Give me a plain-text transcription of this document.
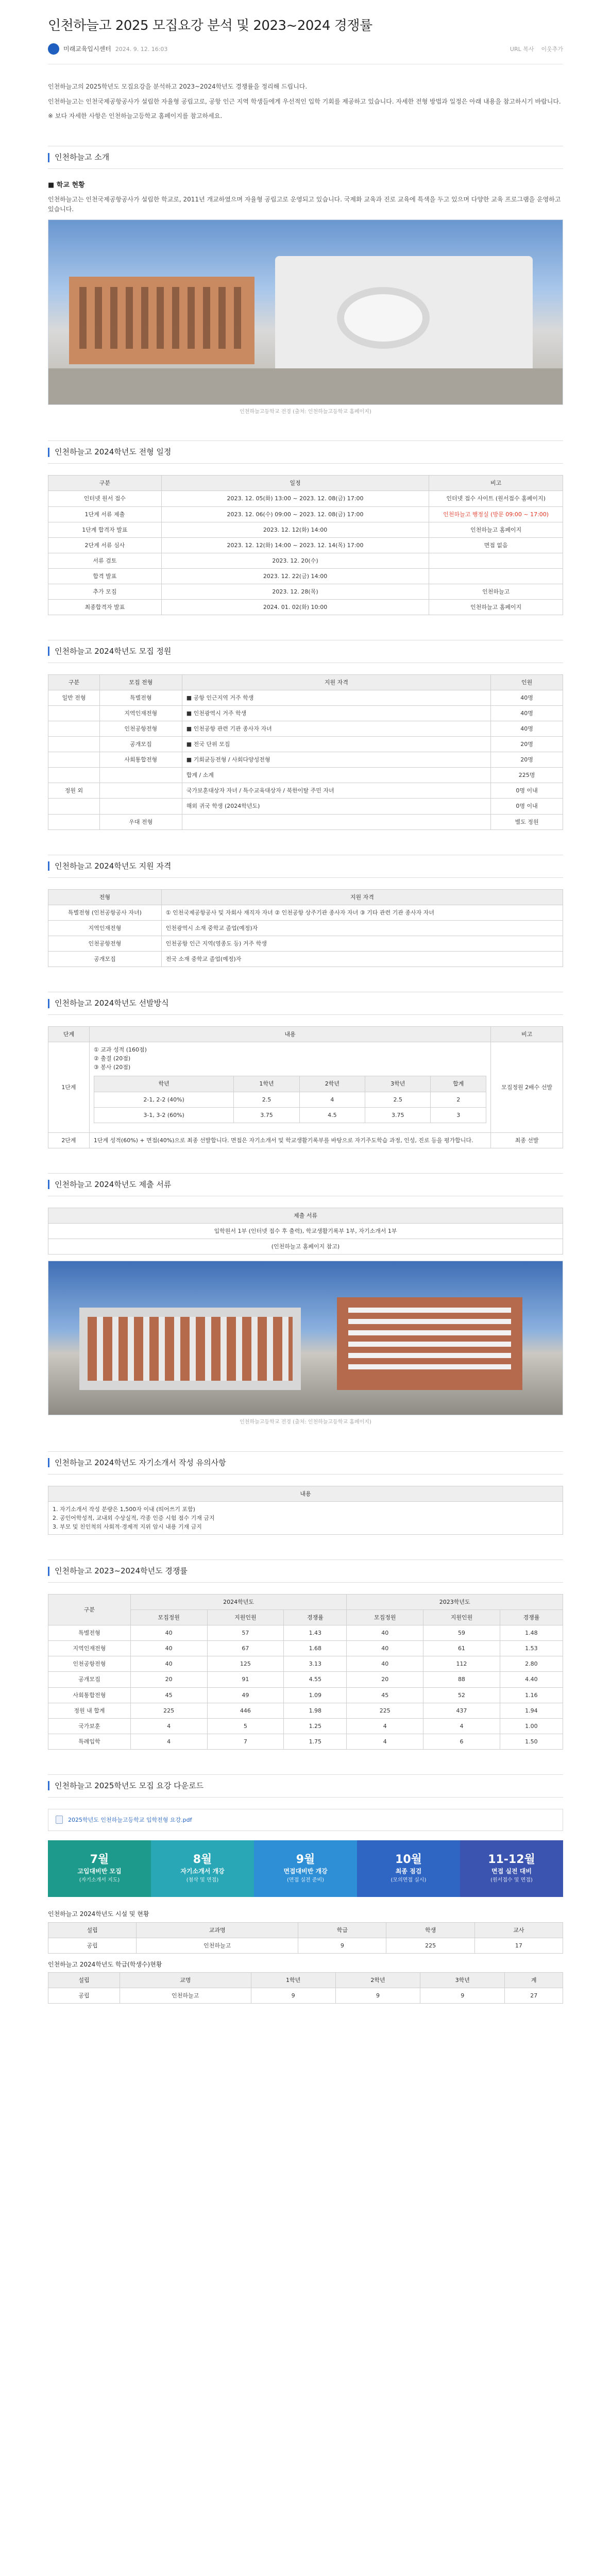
인천하늘고 2025 모집요강 분석 및 2023~2024 경쟁률
미래교육입시센터 2024. 9. 12. 16:03	URL 복사 이웃추가

인천하늘고의 2025학년도 모집요강을 분석하고 2023~2024학년도 경쟁률을 정리해 드립니다.

인천하늘고는 인천국제공항공사가 설립한 자율형 공립고로, 공항 인근 지역 학생들에게 우선적인 입학 기회를 제공하고 있습니다. 자세한 전형 방법과 일정은 아래 내용을 참고하시기 바랍니다.

※ 보다 자세한 사항은 인천하늘고등학교 홈페이지를 참고하세요.

인천하늘고 소개
■ 학교 현황

인천하늘고는 인천국제공항공사가 설립한 학교로, 2011년 개교하였으며 자율형 공립고로 운영되고 있습니다. 국제화 교육과 진로 교육에 특색을 두고 있으며 다양한 교육 프로그램을 운영하고 있습니다.

인천하늘고등학교 전경 (출처: 인천하늘고등학교 홈페이지)
인천하늘고 2024학년도 전형 일정
구분	일정	비고
인터넷 원서 접수	2023. 12. 05(화) 13:00 ~ 2023. 12. 08(금) 17:00	인터넷 접수 사이트 (원서접수 홈페이지)
1단계 서류 제출	2023. 12. 06(수) 09:00 ~ 2023. 12. 08(금) 17:00	인천하늘고 행정실 (방문 09:00 ~ 17:00)
1단계 합격자 발표	2023. 12. 12(화) 14:00	인천하늘고 홈페이지
2단계 서류 심사	2023. 12. 12(화) 14:00 ~ 2023. 12. 14(목) 17:00	면접 없음
서류 검토	2023. 12. 20(수)	
합격 발표	2023. 12. 22(금) 14:00	
추가 모집	2023. 12. 28(목)	인천하늘고
최종합격자 발표	2024. 01. 02(화) 10:00	인천하늘고 홈페이지
인천하늘고 2024학년도 모집 정원
구분	모집 전형	지원 자격	인원
일반 전형	특별전형	■ 공항 인근지역 거주 학생	40명
	지역인재전형	■ 인천광역시 거주 학생	40명
	인천공항전형	■ 인천공항 관련 기관 종사자 자녀	40명
	공개모집	■ 전국 단위 모집	20명
	사회통합전형	■ 기회균등전형 / 사회다양성전형	20명
		합계 / 소계	225명
정원 외		국가보훈대상자 자녀 / 특수교육대상자 / 북한이탈 주민 자녀	0명 이내
		해외 귀국 학생 (2024학년도)	0명 이내
	우대 전형		별도 정원
인천하늘고 2024학년도 지원 자격
전형	지원 자격
특별전형 (인천공항공사 자녀)	① 인천국제공항공사 및 자회사 재직자 자녀 ② 인천공항 상주기관 종사자 자녀 ③ 기타 관련 기관 종사자 자녀
지역인재전형	인천광역시 소재 중학교 졸업(예정)자
인천공항전형	인천공항 인근 지역(영종도 등) 거주 학생
공개모집	전국 소재 중학교 졸업(예정)자
인천하늘고 2024학년도 선발방식
단계	내용	비고
1단계	
① 교과 성적 (160점)
② 출결 (20점)
③ 봉사 (20점)
학년	1학년	2학년	3학년	합계
2-1, 2-2 (40%)	2.5	4	2.5	2
3-1, 3-2 (60%)	3.75	4.5	3.75	3
	모집정원 2배수 선발
2단계	1단계 성적(60%) + 면접(40%)으로 최종 선발합니다. 면접은 자기소개서 및 학교생활기록부를 바탕으로 자기주도학습 과정, 인성, 진로 등을 평가합니다.	최종 선발
인천하늘고 2024학년도 제출 서류
제출 서류
입학원서 1부 (인터넷 접수 후 출력), 학교생활기록부 1부, 자기소개서 1부
(인천하늘고 홈페이지 참고)
인천하늘고등학교 전경 (출처: 인천하늘고등학교 홈페이지)
인천하늘고 2024학년도 자기소개서 작성 유의사항
내용

1. 자기소개서 작성 분량은 1,500자 이내 (띄어쓰기 포함)
2. 공인어학성적, 교내외 수상실적, 각종 인증 시험 점수 기재 금지
3. 부모 및 친인척의 사회적·경제적 지위 암시 내용 기재 금지
인천하늘고 2023~2024학년도 경쟁률
구분	2024학년도			2023학년도		
	모집정원	지원인원	경쟁률	모집정원	지원인원	경쟁률
특별전형	40	57	1.43	40	59	1.48
지역인재전형	40	67	1.68	40	61	1.53
인천공항전형	40	125	3.13	40	112	2.80
공개모집	20	91	4.55	20	88	4.40
사회통합전형	45	49	1.09	45	52	1.16
정원 내 합계	225	446	1.98	225	437	1.94
국가보훈	4	5	1.25	4	4	1.00
특례입학	4	7	1.75	4	6	1.50
인천하늘고 2025학년도 모집 요강 다운로드
2025학년도 인천하늘고등학교 입학전형 요강.pdf
7월
고입대비반 모집
(자기소개서 지도)
8월
자기소개서 개강
(첨삭 및 면접)
9월
면접대비반 개강
(면접 실전 준비)
10월
최종 점검
(모의면접 실시)
11-12월
면접 실전 대비
(원서접수 및 면접)
인천하늘고 2024학년도 시설 및 현황
설립	교과명	학급	학생	교사
공립	인천하늘고	9	225	17
인천하늘고 2024학년도 학급(학생수)현황
설립	교명	1학년	2학년	3학년	계
공립	인천하늘고	9	9	9	27
